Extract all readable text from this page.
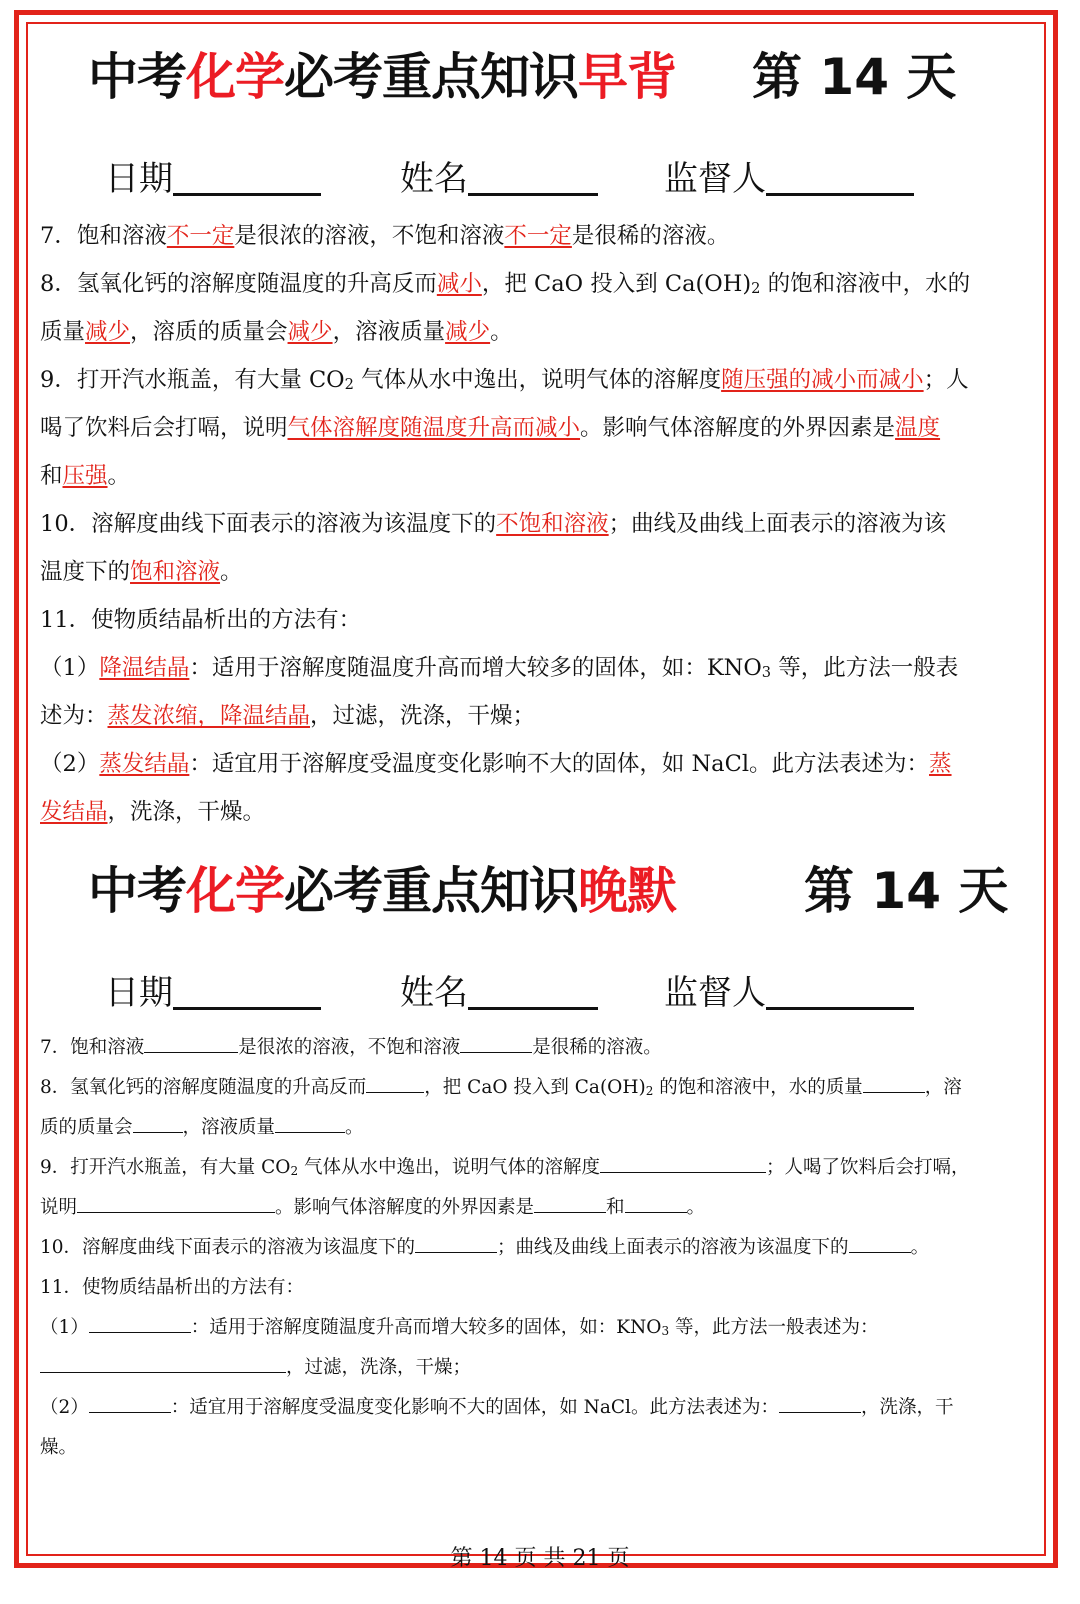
中考化学必考重点知识早背 第 14 天
日期	姓名	监督人
7．饱和溶液不一定是很浓的溶液，不饱和溶液不一定是很稀的溶液。
8．氢氧化钙的溶解度随温度的升高反而减小，把 CaO 投入到 $Ca(OH)_2$ 的饱和溶液中，水的
质量减少，溶质的质量会减少，溶液质量减少。
9．打开汽水瓶盖，有大量 $CO_2$ 气体从水中逸出，说明气体的溶解度随压强的减小而减小；人
喝了饮料后会打嗝，说明气体溶解度随温度升高而减小。影响气体溶解度的外界因素是温度
和压强。
10．溶解度曲线下面表示的溶液为该温度下的不饱和溶液；曲线及曲线上面表示的溶液为该
温度下的饱和溶液。
11．使物质结晶析出的方法有：
（1）降温结晶：适用于溶解度随温度升高而增大较多的固体，如：$KNO_3$ 等，此方法一般表
述为：蒸发浓缩，降温结晶，过滤，洗涤，干燥；
（2）蒸发结晶：适宜用于溶解度受温度变化影响不大的固体，如 NaCl。此方法表述为：蒸
发结晶，洗涤，干燥。
中考化学必考重点知识晚默	第 14 天
日期	姓名	监督人
7．饱和溶液	是很浓的溶液，不饱和溶液	是很稀的溶液。
8．氢氧化钙的溶解度随温度的升高反而	，把 CaO 投入到 $Ca(OH)_2$ 的饱和溶液中，水的质量	，溶
质的质量会	，溶液质量	。
9．打开汽水瓶盖，有大量 $CO_2$ 气体从水中逸出，说明气体的溶解度	；人喝了饮料后会打嗝，
说明	。影响气体溶解度的外界因素是	和	。
10．溶解度曲线下面表示的溶液为该温度下的	；曲线及曲线上面表示的溶液为该温度下的	。
11．使物质结晶析出的方法有：
（1）	：适用于溶解度随温度升高而增大较多的固体，如：$KNO_3$ 等，此方法一般表述为：
，过滤，洗涤，干燥；
（2）	：适宜用于溶解度受温度变化影响不大的固体，如 NaCl。此方法表述为：	，洗涤，干
燥。
第 14 页 共 21 页
